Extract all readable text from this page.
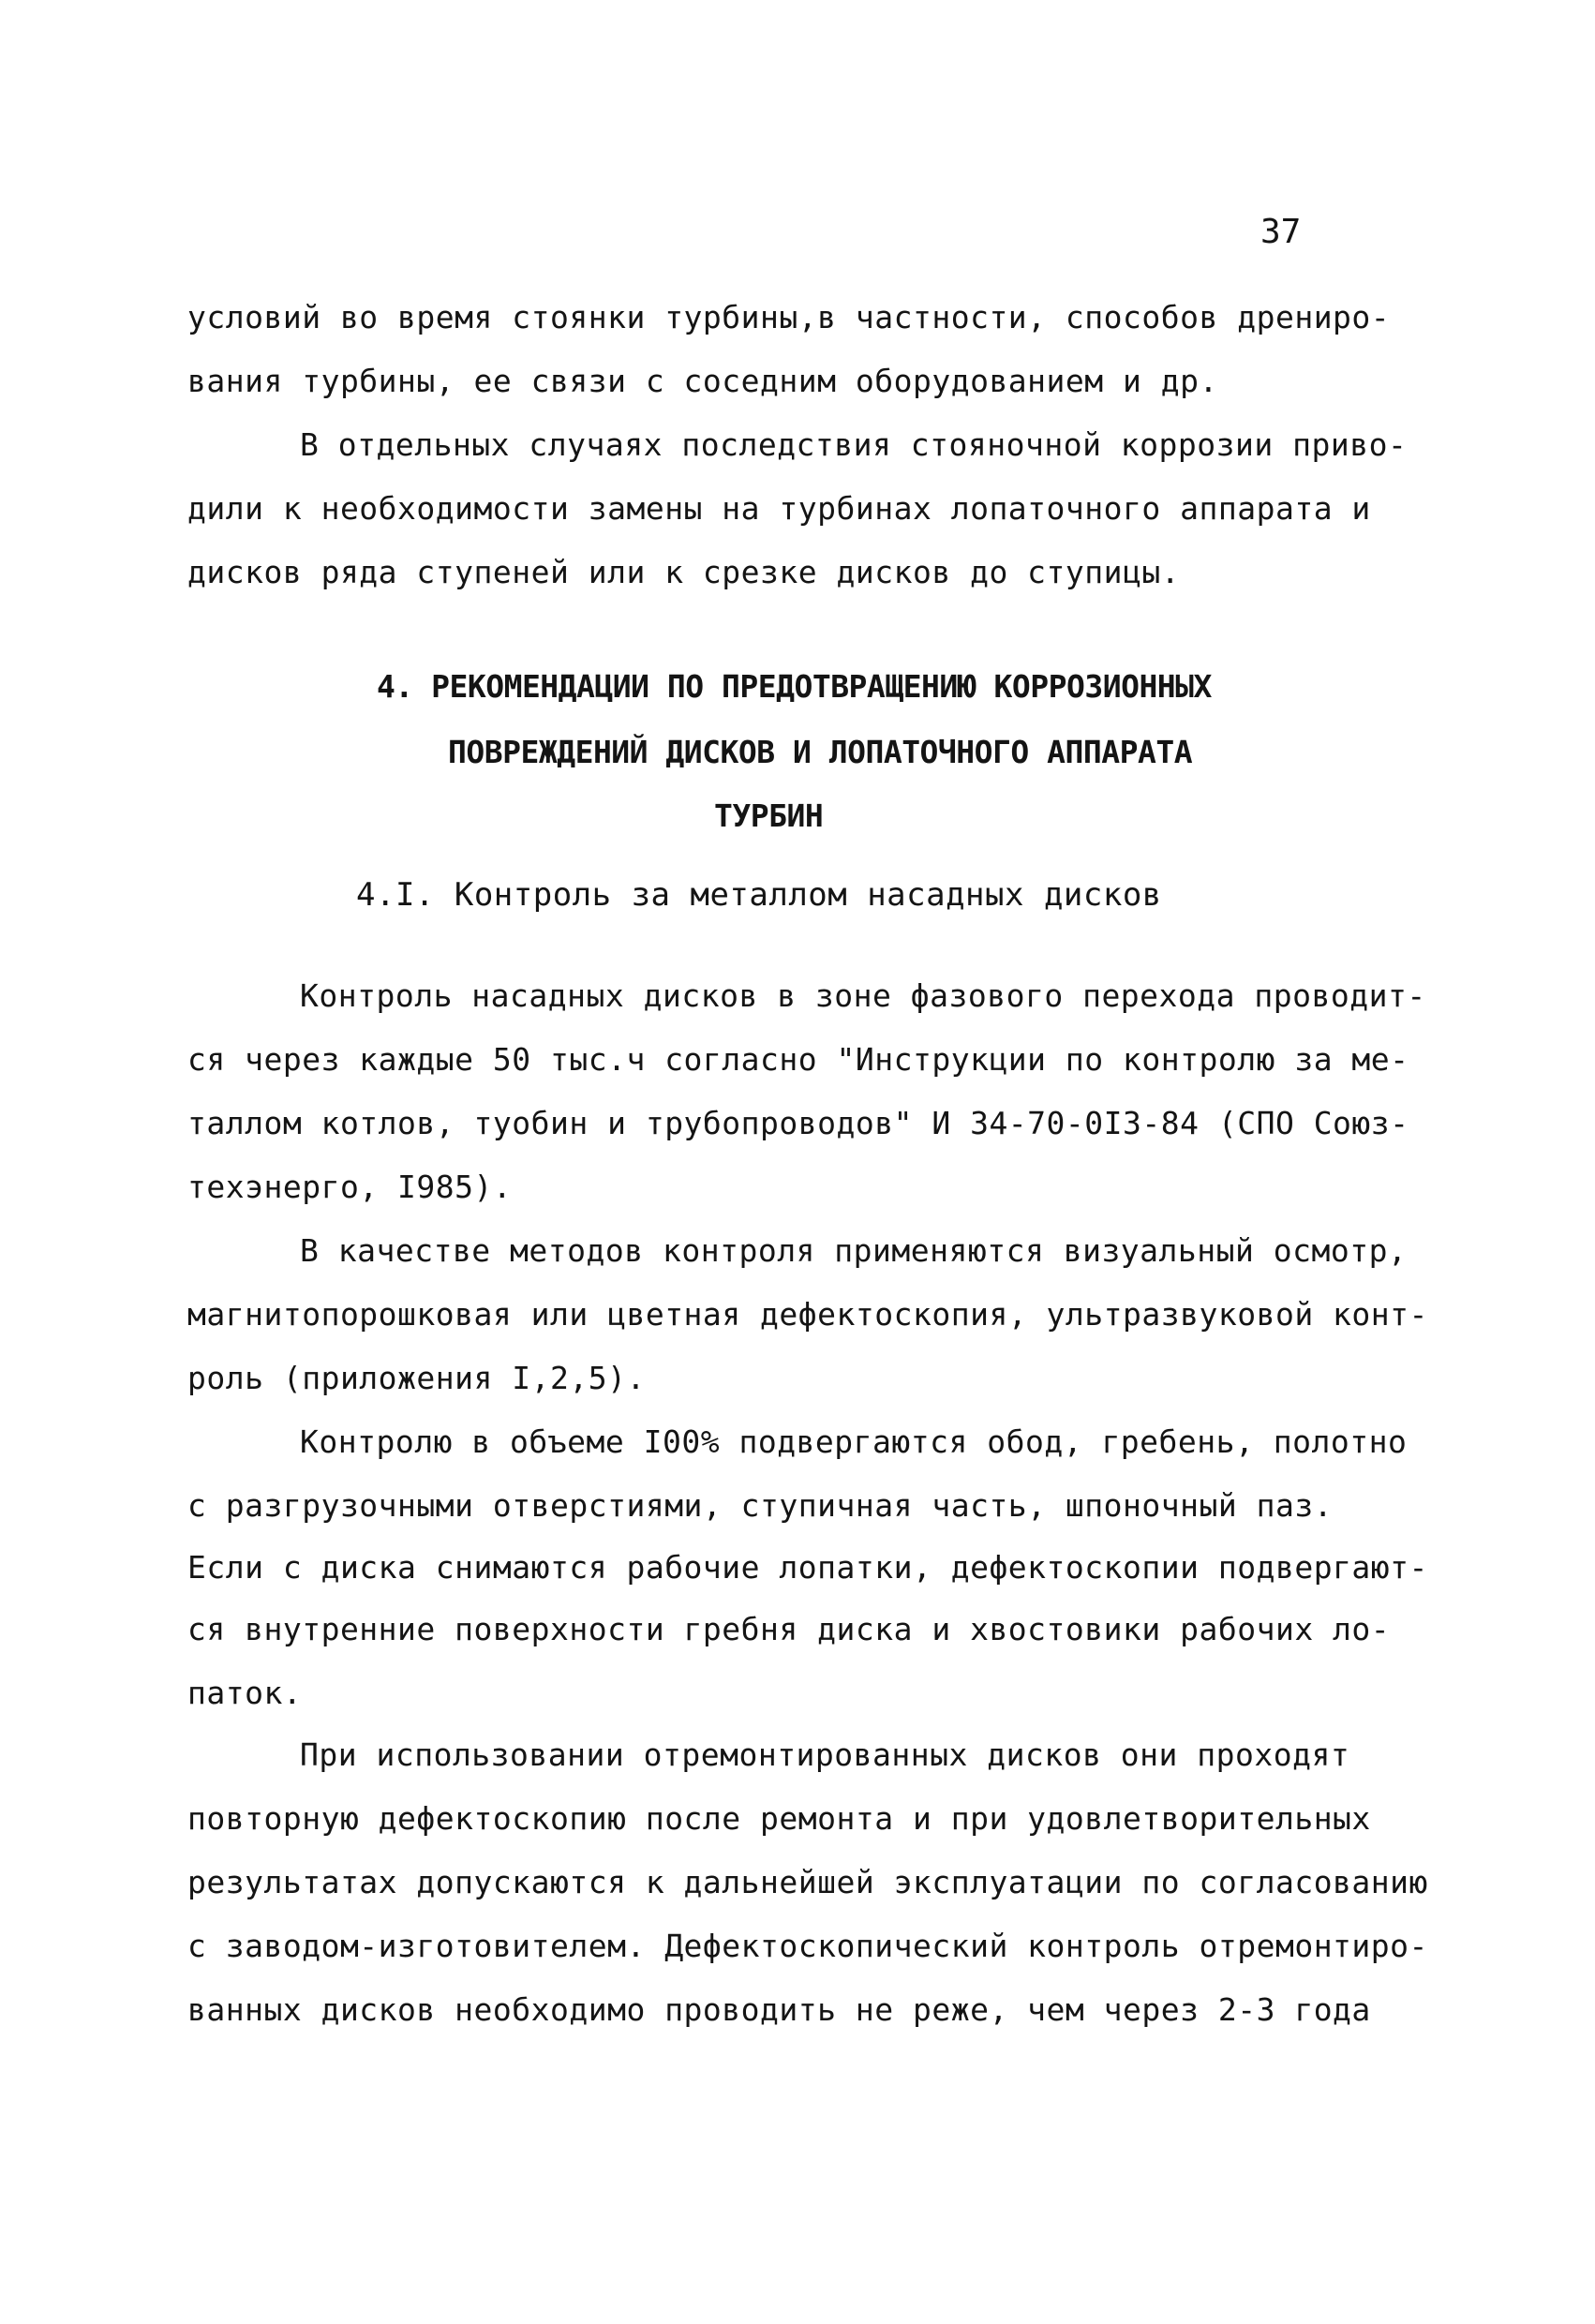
37
условий во время стоянки турбины,в частности, способов дрениро-
вания турбины, ее связи с соседним оборудованием и др.
В отдельных случаях последствия стояночной коррозии приво-
дили к необходимости замены на турбинах лопаточного аппарата и
дисков ряда ступеней или к срезке дисков до ступицы.
4. РЕКОМЕНДАЦИИ ПО ПРЕДОТВРАЩЕНИЮ КОРРОЗИОННЫХ
ПОВРЕЖДЕНИЙ ДИСКОВ И ЛОПАТОЧНОГО АППАРАТА
ТУРБИН
4.I. Контроль за металлом насадных дисков
Контроль насадных дисков в зоне фазового перехода проводит-
ся через каждые 50 тыс.ч согласно "Инструкции по контролю за ме-
таллом котлов, туобин и трубопроводов" И 34-70-0I3-84 (СПО Союз-
техэнерго, I985).
В качестве методов контроля применяются визуальный осмотр,
магнитопорошковая или цветная дефектоскопия, ультразвуковой конт-
роль (приложения I,2,5).
Контролю в объеме I00% подвергаются обод, гребень, полотно
с разгрузочными отверстиями, ступичная часть, шпоночный паз.
Если с диска снимаются рабочие лопатки, дефектоскопии подвергают-
ся внутренние поверхности гребня диска и хвостовики рабочих ло-
паток.
При использовании отремонтированных дисков они проходят
повторную дефектоскопию после ремонта и при удовлетворительных
результатах допускаются к дальнейшей эксплуатации по согласованию
с заводом-изготовителем. Дефектоскопический контроль отремонтиро-
ванных дисков необходимо проводить не реже, чем через 2-3 года
